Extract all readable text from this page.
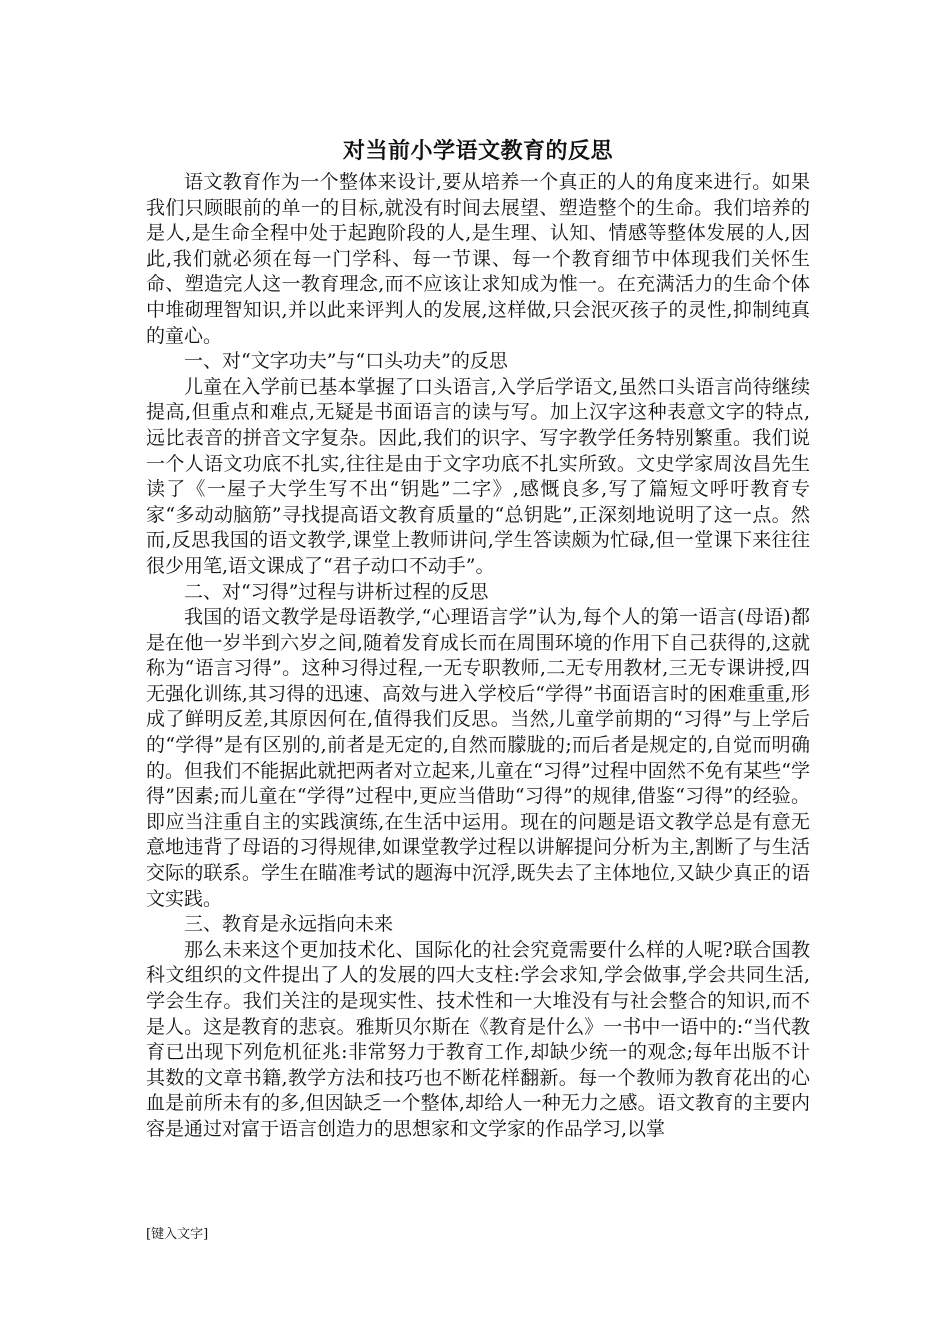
对当前小学语文教育的反思

语文教育作为一个整体来设计,要从培养一个真正的人的角度来进行。如果我们只顾眼前的单一的目标,就没有时间去展望、塑造整个的生命。我们培养的是人,是生命全程中处于起跑阶段的人,是生理、认知、情感等整体发展的人,因此,我们就必须在每一门学科、每一节课、每一个教育细节中体现我们关怀生命、塑造完人这一教育理念,而不应该让求知成为惟一。在充满活力的生命个体中堆砌理智知识,并以此来评判人的发展,这样做,只会泯灭孩子的灵性,抑制纯真的童心。

一、对“文字功夫”与“口头功夫”的反思

儿童在入学前已基本掌握了口头语言,入学后学语文,虽然口头语言尚待继续提高,但重点和难点,无疑是书面语言的读与写。加上汉字这种表意文字的特点,远比表音的拼音文字复杂。因此,我们的识字、写字教学任务特别繁重。我们说一个人语文功底不扎实,往往是由于文字功底不扎实所致。文史学家周汝昌先生读了《一屋子大学生写不出“钥匙”二字》,感慨良多,写了篇短文呼吁教育专家“多动动脑筋”寻找提高语文教育质量的“总钥匙”,正深刻地说明了这一点。然而,反思我国的语文教学,课堂上教师讲问,学生答读颇为忙碌,但一堂课下来往往很少用笔,语文课成了“君子动口不动手”。

二、对“习得”过程与讲析过程的反思

我国的语文教学是母语教学,“心理语言学”认为,每个人的第一语言(母语)都是在他一岁半到六岁之间,随着发育成长而在周围环境的作用下自己获得的,这就称为“语言习得”。这种习得过程,一无专职教师,二无专用教材,三无专课讲授,四无强化训练,其习得的迅速、高效与进入学校后“学得”书面语言时的困难重重,形成了鲜明反差,其原因何在,值得我们反思。当然,儿童学前期的“习得”与上学后的“学得”是有区别的,前者是无定的,自然而朦胧的;而后者是规定的,自觉而明确的。但我们不能据此就把两者对立起来,儿童在“习得”过程中固然不免有某些“学得”因素;而儿童在“学得”过程中,更应当借助“习得”的规律,借鉴“习得”的经验。即应当注重自主的实践演练,在生活中运用。现在的问题是语文教学总是有意无意地违背了母语的习得规律,如课堂教学过程以讲解提问分析为主,割断了与生活交际的联系。学生在瞄准考试的题海中沉浮,既失去了主体地位,又缺少真正的语文实践。

三、教育是永远指向未来

那么未来这个更加技术化、国际化的社会究竟需要什么样的人呢?联合国教科文组织的文件提出了人的发展的四大支柱:学会求知,学会做事,学会共同生活,学会生存。我们关注的是现实性、技术性和一大堆没有与社会整合的知识,而不是人。这是教育的悲哀。雅斯贝尔斯在《教育是什么》一书中一语中的:“当代教育已出现下列危机征兆:非常努力于教育工作,却缺少统一的观念;每年出版不计其数的文章书籍,教学方法和技巧也不断花样翻新。每一个教师为教育花出的心血是前所未有的多,但因缺乏一个整体,却给人一种无力之感。语文教育的主要内容是通过对富于语言创造力的思想家和文学家的作品学习,以掌

[键入文字]
